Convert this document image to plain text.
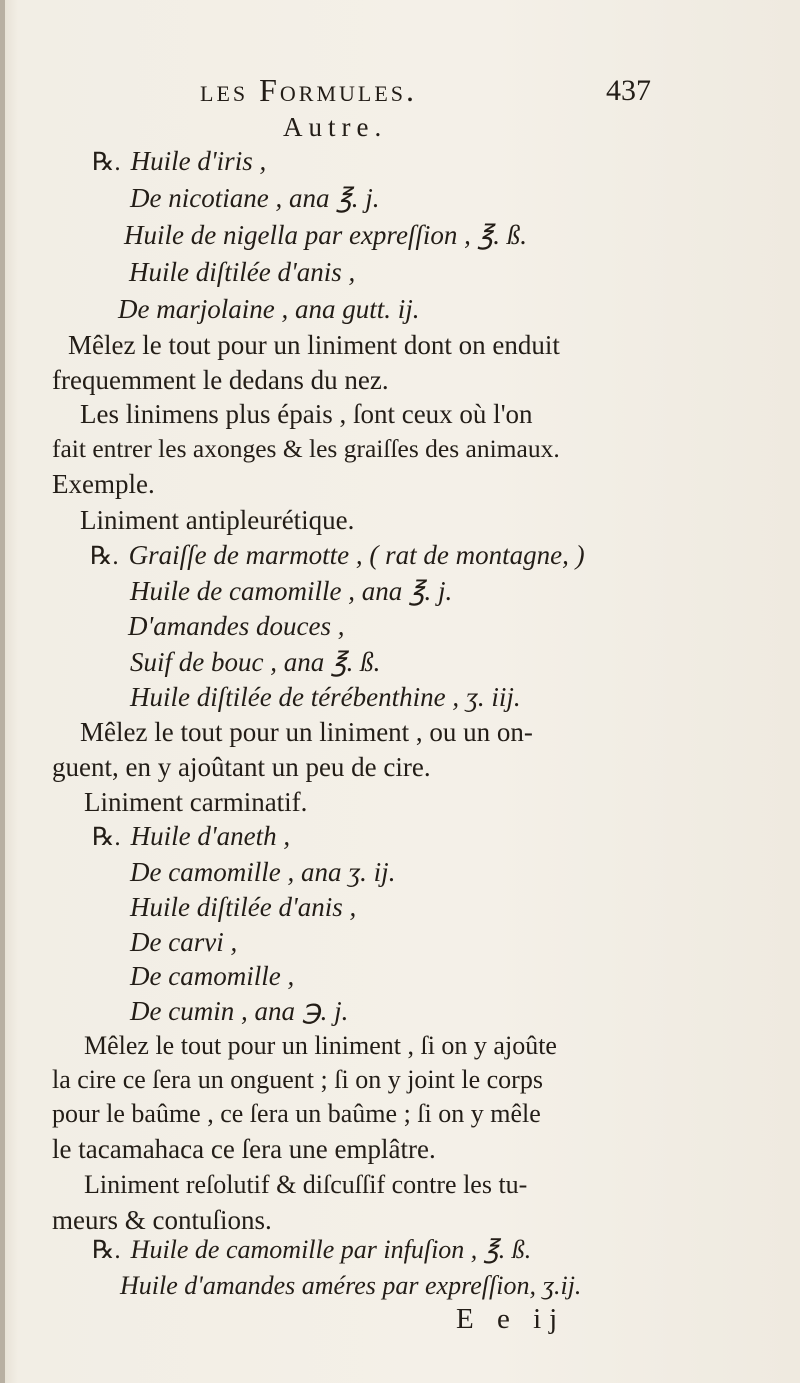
les Formules.	437
Autre.
℞. Huile d'iris ,
De nicotiane , ana ℥. j.
Huile de nigella par expreſſion , ℥. ß.
Huile diſtilée d'anis ,
De marjolaine , ana gutt. ij.
Mêlez le tout pour un liniment dont on enduit
frequemment le dedans du nez.
Les linimens plus épais , ſont ceux où l'on
fait entrer les axonges & les graiſſes des animaux.
Exemple.
Liniment antipleurétique.
℞. Graiſſe de marmotte , ( rat de montagne, )
Huile de camomille , ana ℥. j.
D'amandes douces ,
Suif de bouc , ana ℥. ß.
Huile diſtilée de térébenthine , ʒ. iij.
Mêlez le tout pour un liniment , ou un on-
guent, en y ajoûtant un peu de cire.
Liniment carminatif.
℞. Huile d'aneth ,
De camomille , ana ʒ. ij.
Huile diſtilée d'anis ,
De carvi ,
De camomille ,
De cumin , ana ℈. j.
Mêlez le tout pour un liniment , ſi on y ajoûte
la cire ce ſera un onguent ; ſi on y joint le corps
pour le baûme , ce ſera un baûme ; ſi on y mêle
le tacamahaca ce ſera une emplâtre.
Liniment reſolutif & diſcuſſif contre les tu-
meurs & contuſions.
℞. Huile de camomille par infuſion , ℥. ß.
Huile d'amandes améres par expreſſion, ʒ.ij.
E e ij
